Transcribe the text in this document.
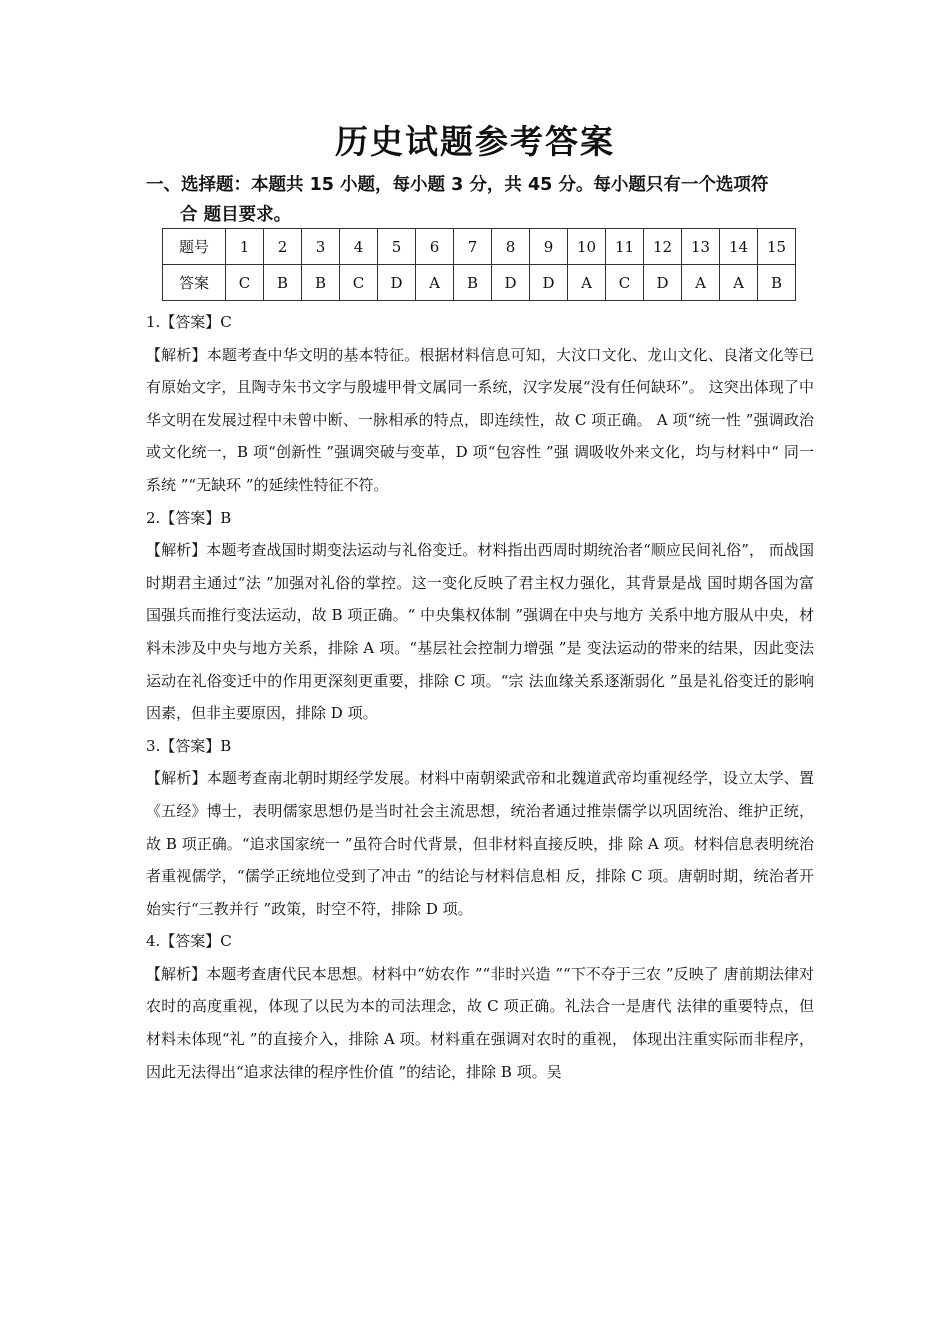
历史试题参考答案
一、选择题：本题共 15 小题，每小题 3 分，共 45 分。每小题只有一个选项符
合 题目要求。
题号	1	2	3	4	5	6	7	8	9	10	11	12	13	14	15
答案	C	B	B	C	D	A	B	D	D	A	C	D	A	A	B

1.【答案】C

【解析】本题考查中华文明的基本特征。根据材料信息可知，大汶口文化、龙山文化、良渚文化等已有原始文字，且陶寺朱书文字与殷墟甲骨文属同一系统，汉字发展“没有任何缺环”。 这突出体现了中华文明在发展过程中未曾中断、一脉相承的特点，即连续性，故 C 项正确。 A 项“统一性 ”强调政治或文化统一，B 项“创新性 ”强调突破与变革，D 项“包容性 ”强 调吸收外来文化，均与材料中“ 同一系统 ”“无缺环 ”的延续性特征不符。

2.【答案】B

【解析】本题考查战国时期变法运动与礼俗变迁。材料指出西周时期统治者“顺应民间礼俗”， 而战国时期君主通过“法 ”加强对礼俗的掌控。这一变化反映了君主权力强化，其背景是战 国时期各国为富国强兵而推行变法运动，故 B 项正确。“ 中央集权体制 ”强调在中央与地方 关系中地方服从中央，材料未涉及中央与地方关系，排除 A 项。“基层社会控制力增强 ”是 变法运动的带来的结果，因此变法运动在礼俗变迁中的作用更深刻更重要，排除 C 项。“宗 法血缘关系逐渐弱化 ”虽是礼俗变迁的影响因素，但非主要原因，排除 D 项。

3.【答案】B

【解析】本题考查南北朝时期经学发展。材料中南朝梁武帝和北魏道武帝均重视经学，设立太学、置《五经》博士，表明儒家思想仍是当时社会主流思想，统治者通过推崇儒学以巩固统治、维护正统，故 B 项正确。“追求国家统一 ”虽符合时代背景，但非材料直接反映，排 除 A 项。材料信息表明统治者重视儒学，“儒学正统地位受到了冲击 ”的结论与材料信息相 反，排除 C 项。唐朝时期，统治者开始实行“三教并行 ”政策，时空不符，排除 D 项。

4.【答案】C

【解析】本题考查唐代民本思想。材料中“妨农作 ”“非时兴造 ”“下不夺于三农 ”反映了 唐前期法律对农时的高度重视，体现了以民为本的司法理念，故 C 项正确。礼法合一是唐代 法律的重要特点，但材料未体现“礼 ”的直接介入，排除 A 项。材料重在强调对农时的重视， 体现出注重实际而非程序，因此无法得出“追求法律的程序性价值 ”的结论，排除 B 项。吴
